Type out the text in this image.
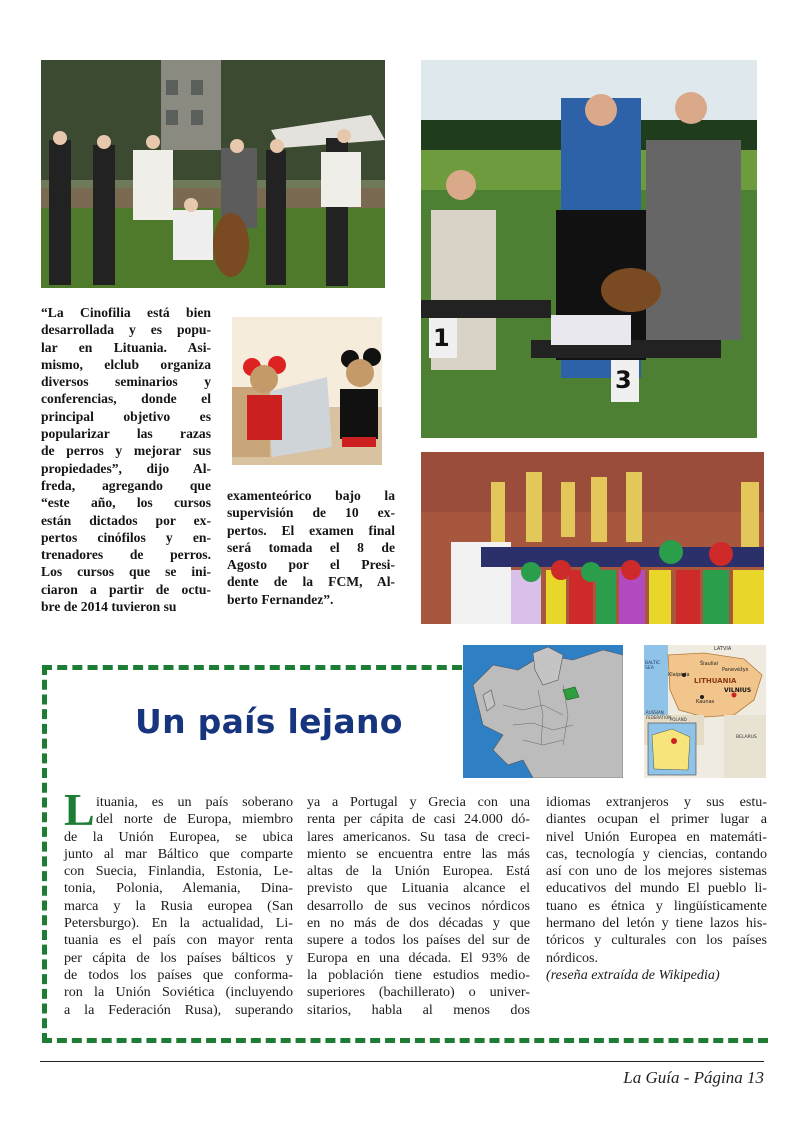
1
3
“La Cinofilia está bien
desarrollada y es popu-
lar en Lituania. Asi-
mismo, elclub organiza
diversos seminarios y
conferencias, donde el
principal objetivo es
popularizar las razas
de perros y mejorar sus
propiedades”, dijo Al-
freda, agregando que
“este año, los cursos
están dictados por ex-
pertos cinófilos y en-
trenadores de perros.
Los cursos que se ini-
ciaron a partir de octu-
bre de 2014 tuvieron su
examenteórico bajo la
supervisión de 10 ex-
pertos. El examen final
será tomada el 8 de
Agosto por el Presi-
dente de la FCM, Al-
berto Fernandez”.
Un país lejano
LITHUANIA
LATVIA
BALTIC SEA
Klaipėda
Šiauliai
Panevėžys
Kaunas
VILNIUS
RUSSIAN FEDERATION
POLAND
BELARUS
L ituania, es un país soberano
del norte de Europa, miembro
de la Unión Europea, se ubica
junto al mar Báltico que comparte
con Suecia, Finlandia, Estonia, Le-
tonia, Polonia, Alemania, Dina-
marca y la Rusia europea (San
Petersburgo). En la actualidad, Li-
tuania es el país con mayor renta
per cápita de los países bálticos y
de todos los países que conforma-
ron la Unión Soviética (incluyendo
a la Federación Rusa), superando
ya a Portugal y Grecia con una
renta per cápita de casi 24.000 dó-
lares americanos. Su tasa de creci-
miento se encuentra entre las más
altas de la Unión Europea. Está
previsto que Lituania alcance el
desarrollo de sus vecinos nórdicos
en no más de dos décadas y que
supere a todos los países del sur de
Europa en una década. El 93% de
la población tiene estudios medio-
superiores (bachillerato) o univer-
sitarios, habla al menos dos
idiomas extranjeros y sus estu-
diantes ocupan el primer lugar a
nivel Unión Europea en matemáti-
cas, tecnología y ciencias, contando
así con uno de los mejores sistemas
educativos del mundo El pueblo li-
tuano es étnica y lingüísticamente
hermano del letón y tiene lazos his-
tóricos y culturales con los países
nórdicos.
(reseña extraída de Wikipedia)
La Guía - Página 13
